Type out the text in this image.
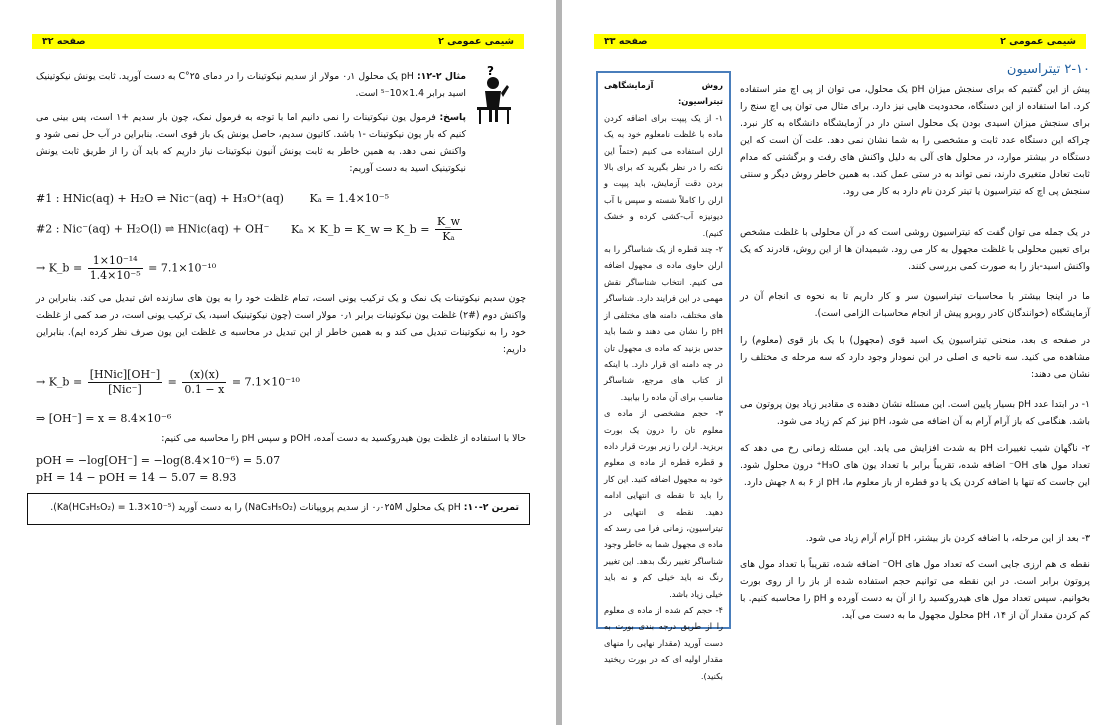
شیمی عمومی ۲
صفحه ۳۲
?
مثال ۲-۱۲: pH یک محلول ۰٫۱ مولار از سدیم نیکوتینات را در دمای ۲۵°C به دست آورید. ثابت یونش نیکوتینیک اسید برابر 1.4×10⁻⁵ است.
پاسخ: فرمول یون نیکوتینات را نمی دانیم اما با توجه به فرمول نمک، چون بار سدیم +۱ است، پس بینی می کنیم که بار یون نیکوتینات -۱ باشد. کاتیون سدیم، حاصل یونش یک باز قوی است. بنابراین در آب حل نمی شود و واکنش نمی دهد. به همین خاطر به ثابت یونش آنیون نیکوتینات نیاز داریم که باید آن را از طریق ثابت یونش نیکوتینیک اسید به دست آوریم:
#1 : HNic(aq) + H₂O ⇌ Nic⁻(aq) + H₃O⁺(aq) Kₐ = 1.4×10⁻⁵
#2 : Nic⁻(aq) + H₂O(l) ⇌ HNic(aq) + OH⁻ Kₐ × K_b = K_w ⇒ K_b = $\frac{K\_w}{\text{Kₐ}}$
→ K_b = $\frac{\text{1×10⁻¹⁴}}{\text{1.4×10⁻⁵}} = 7.1\times 10^{-10}$
چون سدیم نیکوتینات یک نمک و یک ترکیب یونی است، تمام غلظت خود را به یون های سازنده اش تبدیل می کند. بنابراین در واکنش دوم (#۲) غلظت یون نیکوتینات برابر ۰٫۱ مولار است (چون نیکوتینیک اسید، یک ترکیب یونی است، در صد کمی از غلظت خود را به نیکوتینات تبدیل می کند و به همین خاطر از این تبدیل در محاسبه ی غلظت این یون صرف نظر کرده ایم). بنابراین داریم:
→ K_b = $\frac{\text{[HNic][OH⁻]}}{\text{[Nic⁻]}} = \frac{(x)(x)}{0.1 - x} = 7.1\times 10^{-10}$
⇒ [OH⁻] = x = 8.4×10⁻⁶
حالا با استفاده از غلظت یون هیدروکسید به دست آمده، pOH و سپس pH را محاسبه می کنیم:
pOH = −log[OH⁻] = −log(8.4×10⁻⁶) = 5.07
pH = 14 − pOH = 14 − 5.07 = 8.93
تمرین ۲-۱۰: pH یک محلول ۰٫۰۲۵M از سدیم پروپیانات (NaC₃H₅O₂) را به دست آورید (Ka(HC₃H₅O₂) = 1.3×10⁻⁵).
شیمی عمومی ۲
صفحه ۳۳
۲-۱۰ تیتراسیون
پیش از این گفتیم که برای سنجش میزان pH یک محلول، می توان از پی اچ متر استفاده کرد. اما استفاده از این دستگاه، محدودیت هایی نیز دارد. برای مثال می توان پی اچ سنج را برای سنجش میزان اسیدی بودن یک محلول استن دار در آزمایشگاه دانشگاه به کار نبرد. چراکه این دستگاه عدد ثابت و مشخصی را به شما نشان نمی دهد. علت آن است که این دستگاه در بیشتر موارد، در محلول های آلی به دلیل واکنش های رفت و برگشتی که مدام ثابت تعادل متغیری دارند، نمی تواند به در ستی عمل کند. به همین خاطر روش دیگر و سنتی سنجش پی اچ که تیتراسیون یا تیتر کردن نام دارد به کار می رود.
در یک جمله می توان گفت که تیتراسیون روشی است که در آن محلولی با غلظت مشخص برای تعیین محلولی با غلظت مجهول به کار می رود. شیمیدان ها از این روش، قادرند که یک واکنش اسید-باز را به صورت کمی بررسی کنند.
ما در اینجا بیشتر با محاسبات تیتراسیون سر و کار داریم تا به نحوه ی انجام آن در آزمایشگاه (خوانندگان کادر روبرو پیش از انجام محاسبات الزامی است).
در صفحه ی بعد، منحنی تیتراسیون یک اسید قوی (مجهول) با یک باز قوی (معلوم) را مشاهده می کنید. سه ناحیه ی اصلی در این نمودار وجود دارد که سه مرحله ی مختلف را نشان می دهند:
۱- در ابتدا عدد pH بسیار پایین است. این مسئله نشان دهنده ی مقادیر زیاد یون پروتون می باشد. هنگامی که باز آرام آرام به آن اضافه می شود، pH نیز کم کم زیاد می شود.
۲- ناگهان شیب تغییرات pH به شدت افزایش می یابد. این مسئله زمانی رخ می دهد که تعداد مول های OH⁻ اضافه شده، تقریباً برابر با تعداد یون های H₃O⁺ درون محلول شود. این جاست که تنها با اضافه کردن یک یا دو قطره از باز معلوم ما، pH از ۶ به ۸ جهش دارد.
۳- بعد از این مرحله، با اضافه کردن باز بیشتر، pH آرام آرام زیاد می شود.
نقطه ی هم ارزی جایی است که تعداد مول های OH⁻ اضافه شده، تقریباً با تعداد مول های پروتون برابر است. در این نقطه می توانیم حجم استفاده شده از باز را از روی بورت بخوانیم. سپس تعداد مول های هیدروکسید را از آن به دست آورده و pH را محاسبه کنیم. با کم کردن مقدار آن از ۱۴، pH محلول مجهول ما به دست می آید.
روش آزمایشگاهی تیتراسیون:
۱- از یک پیپت برای اضافه کردن ماده با غلظت نامعلوم خود به یک ارلن استفاده می کنیم (حتماً این نکته را در نظر بگیرید که برای بالا بردن دقت آزمایش، باید پیپت و ارلن را کاملاً شسته و سپس با آب دیونیزه آب-کشی کرده و خشک کنیم).
۲- چند قطره از یک شناساگر را به ارلن حاوی ماده ی مجهول اضافه می کنیم. انتخاب شناساگر نقش مهمی در این فرایند دارد. شناساگر های مختلف، دامنه های مختلفی از pH را نشان می دهند و شما باید حدس بزنید که ماده ی مجهول تان در چه دامنه ای قرار دارد. با اینکه از کتاب های مرجع، شناساگر مناسب برای آن ماده را بیابید.
۳- حجم مشخصی از ماده ی معلوم تان را درون یک بورت بریزید. ارلن را زیر بورت قرار داده و قطره قطره از ماده ی معلوم خود به مجهول اضافه کنید. این کار را باید تا نقطه ی انتهایی ادامه دهید. نقطه ی انتهایی در تیتراسیون، زمانی فرا می رسد که ماده ی مجهول شما به خاطر وجود شناساگر تغییر رنگ بدهد. این تغییر رنگ نه باید خیلی کم و نه باید خیلی زیاد باشد.
۴- حجم کم شده از ماده ی معلوم را از طریق درجه بندی بورت به دست آورید (مقدار نهایی را منهای مقدار اولیه ای که در بورت ریختید بکنید).
